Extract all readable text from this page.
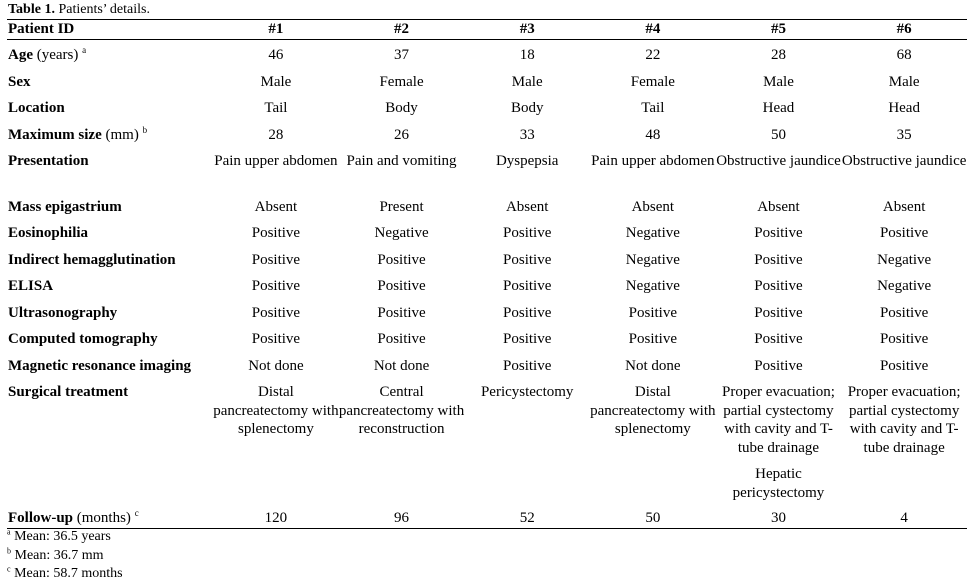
Table 1. Patients’ details.
Patient ID	#1	#2	#3	#4	#5	#6
Age (years) $^a$	46	37	18	22	28	68
Sex	Male	Female	Male	Female	Male	Male
Location	Tail	Body	Body	Tail	Head	Head
Maximum size (mm) $^b$	28	26	33	48	50	35
Presentation	Pain upper abdomen	Pain and vomiting	Dyspepsia	Pain upper abdomen	Obstructive jaundice	Obstructive jaundice
Mass epigastrium	Absent	Present	Absent	Absent	Absent	Absent
Eosinophilia	Positive	Negative	Positive	Negative	Positive	Positive
Indirect hemagglutination	Positive	Positive	Positive	Negative	Positive	Negative
ELISA	Positive	Positive	Positive	Negative	Positive	Negative
Ultrasonography	Positive	Positive	Positive	Positive	Positive	Positive
Computed tomography	Positive	Positive	Positive	Positive	Positive	Positive
Magnetic resonance imaging	Not done	Not done	Positive	Not done	Positive	Positive
Surgical treatment	Distal pancreatectomy with splenectomy	Central pancreatectomy with reconstruction	Pericystectomy	Distal pancreatectomy with splenectomy	Proper evacuation; partial cystectomy with cavity and T-tube drainage	Proper evacuation; partial cystectomy with cavity and T-tube drainage
					Hepatic pericystectomy	
Follow-up (months) $^c$	120	96	52	50	30	4
$^a$ Mean: 36.5 years
$^b$ Mean: 36.7 mm
$^c$ Mean: 58.7 months
